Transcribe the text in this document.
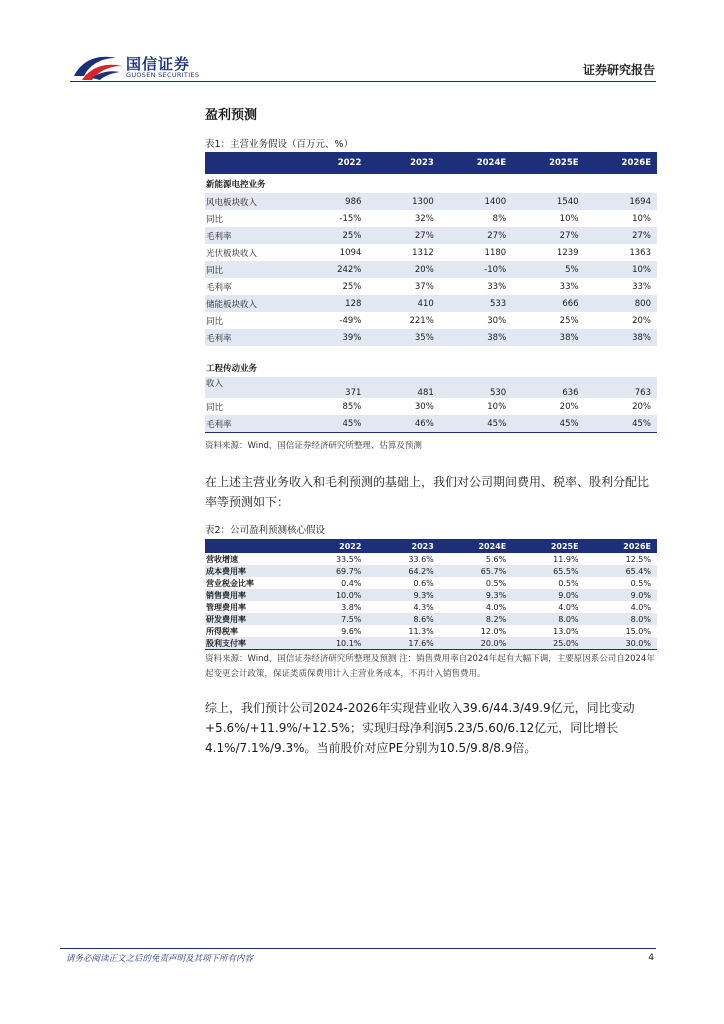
国信证券
GUOSEN SECURITIES	证券研究报告
盈利预测
表1：主营业务假设（百万元、%）
	2022	2023	2024E	2025E	2026E
新能源电控业务					
风电板块收入	986	1300	1400	1540	1694
同比	-15%	32%	8%	10%	10%
毛利率	25%	27%	27%	27%	27%
光伏板块收入	1094	1312	1180	1239	1363
同比	242%	20%	-10%	5%	10%
毛利率	25%	37%	33%	33%	33%
储能板块收入	128	410	533	666	800
同比	-49%	221%	30%	25%	20%
毛利率	39%	35%	38%	38%	38%

工程传动业务					
收入	371	481	530	636	763
同比	85%	30%	10%	20%	20%
毛利率	45%	46%	45%	45%	45%
资料来源：Wind，国信证券经济研究所整理、估算及预测
在上述主营业务收入和毛利预测的基础上，我们对公司期间费用、税率、股利分配比率等预测如下：
表2：公司盈利预测核心假设
	2022	2023	2024E	2025E	2026E
营收增速	33.5%	33.6%	5.6%	11.9%	12.5%
成本费用率	69.7%	64.2%	65.7%	65.5%	65.4%
营业税金比率	0.4%	0.6%	0.5%	0.5%	0.5%
销售费用率	10.0%	9.3%	9.3%	9.0%	9.0%
管理费用率	3.8%	4.3%	4.0%	4.0%	4.0%
研发费用率	7.5%	8.6%	8.2%	8.0%	8.0%
所得税率	9.6%	11.3%	12.0%	13.0%	15.0%
股利支付率	10.1%	17.6%	20.0%	25.0%	30.0%
资料来源：Wind，国信证券经济研究所整理及预测 注：销售费用率自2024年起有大幅下调，主要原因系公司自2024年起变更会计政策，保证类质保费用计入主营业务成本，不再计入销售费用。
综上，我们预计公司2024-2026年实现营业收入39.6/44.3/49.9亿元，同比变动+5.6%/+11.9%/+12.5%；实现归母净利润5.23/5.60/6.12亿元，同比增长4.1%/7.1%/9.3%。当前股价对应PE分别为10.5/9.8/8.9倍。
请务必阅读正文之后的免责声明及其项下所有内容	4
